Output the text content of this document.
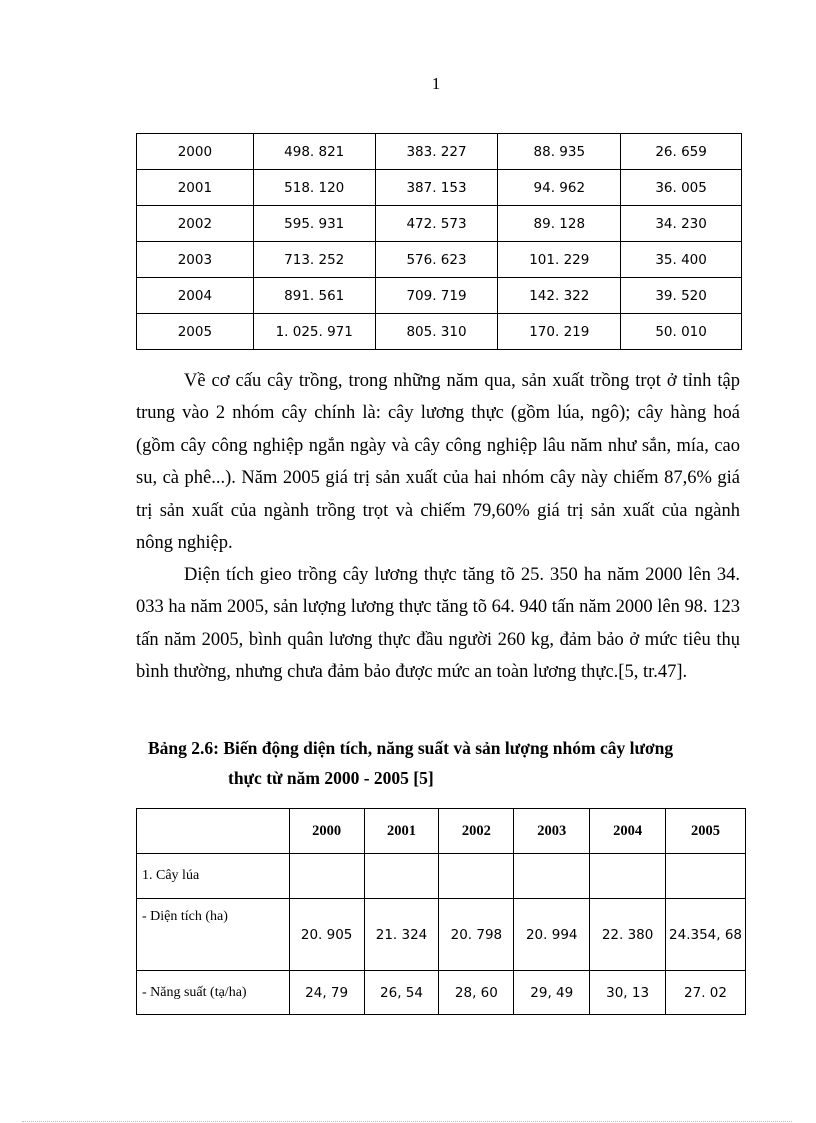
1
2000	498. 821	383. 227	88. 935	26. 659
2001	518. 120	387. 153	94. 962	36. 005
2002	595. 931	472. 573	89. 128	34. 230
2003	713. 252	576. 623	101. 229	35. 400
2004	891. 561	709. 719	142. 322	39. 520
2005	1. 025. 971	805. 310	170. 219	50. 010

Về cơ cấu cây trồng, trong những năm qua, sản xuất trồng trọt ở tỉnh tập trung vào 2 nhóm cây chính là: cây lương thực (gồm lúa, ngô); cây hàng hoá (gồm cây công nghiệp ngắn ngày và cây công nghiệp lâu năm như sắn, mía, cao su, cà phê...). Năm 2005 giá trị sản xuất của hai nhóm cây này chiếm 87,6% giá trị sản xuất của ngành trồng trọt và chiếm 79,60% giá trị sản xuất của ngành nông nghiệp.

Diện tích gieo trồng cây lương thực tăng tõ 25. 350 ha năm 2000 lên 34. 033 ha năm 2005, sản lượng lương thực tăng tõ 64. 940 tấn năm 2000 lên 98. 123 tấn năm 2005, bình quân lương thực đầu người 260 kg, đảm bảo ở mức tiêu thụ bình thường, nhưng chưa đảm bảo được mức an toàn lương thực.[5, tr.47].

Bảng 2.6: Biến động diện tích, năng suất và sản lượng nhóm cây lương
thực từ năm 2000 - 2005 [5]
	2000	2001	2002	2003	2004	2005
1. Cây lúa						
- Diện tích (ha)	20. 905	21. 324	20. 798	20. 994	22. 380	24.354, 68
- Năng suất (tạ/ha)	24, 79	26, 54	28, 60	29, 49	30, 13	27. 02
